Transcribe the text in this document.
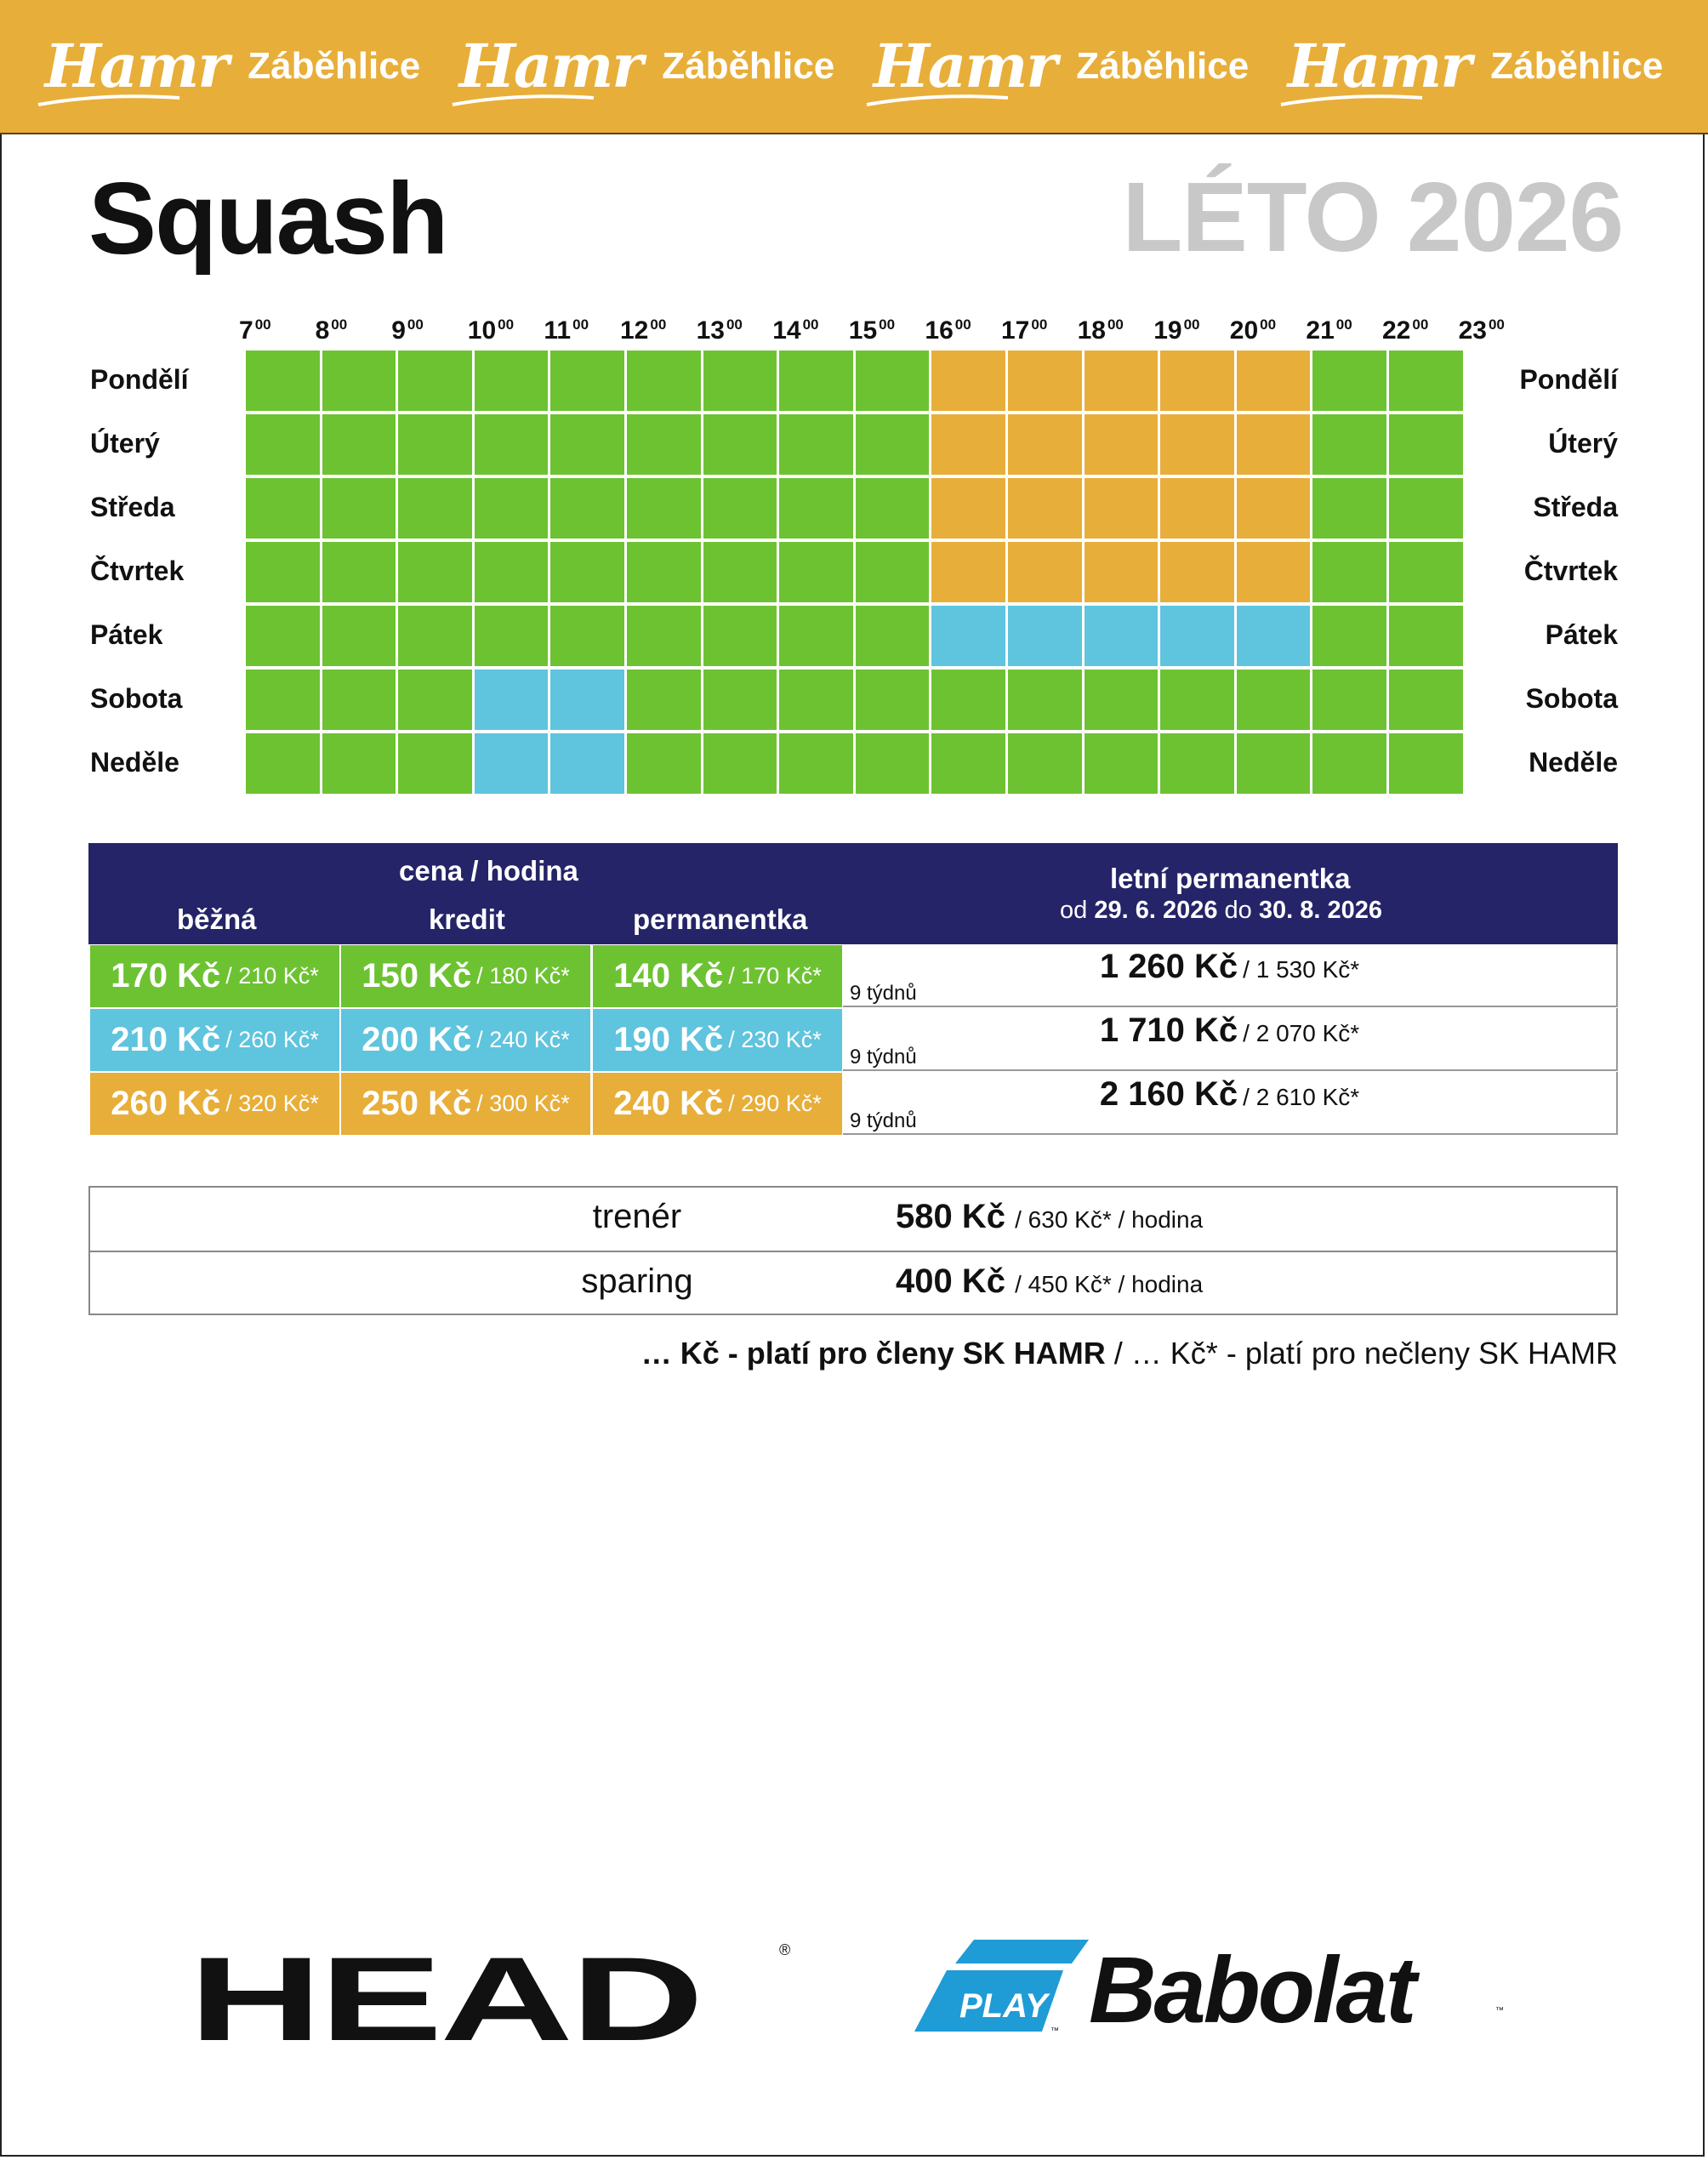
Hamr Záběhlice Hamr Záběhlice Hamr Záběhlice Hamr Záběhlice
Squash	LÉTO 2026
7 $^{00}$ 8 $^{00}$ 9 $^{00}$ 10 $^{00}$ 11 $^{00}$ 12 $^{00}$ 13 $^{00}$ 14 $^{00}$ 15 $^{00}$ 16 $^{00}$ 17 $^{00}$ 18 $^{00}$ 19 $^{00}$ 20 $^{00}$ 21 $^{00}$ 22 $^{00}$ 23 $^{00}$
Pondělí	Pondělí
Úterý	Úterý
Středa	Středa
Čtvrtek	Čtvrtek
Pátek	Pátek
Sobota	Sobota
Neděle	Neděle
cena / hodina
běžná	kredit	permanentka
letní permanentka
od 29. 6. 2026 do 30. 8. 2026
170 Kč / 210 Kč* 150 Kč / 180 Kč* 140 Kč / 170 Kč*
9 týdnů
1 260 Kč / 1 530 Kč*
210 Kč / 260 Kč* 200 Kč / 240 Kč* 190 Kč / 230 Kč*
9 týdnů
1 710 Kč / 2 070 Kč*
260 Kč / 320 Kč* 250 Kč / 300 Kč* 240 Kč / 290 Kč*
9 týdnů
2 160 Kč / 2 610 Kč*
trenér	580 Kč / 630 Kč* / hodina
sparing	400 Kč / 450 Kč* / hodina
… Kč - platí pro členy SK HAMR / … Kč* - platí pro nečleny SK HAMR
HEAD	®
PLAY
™ Babolat	™
